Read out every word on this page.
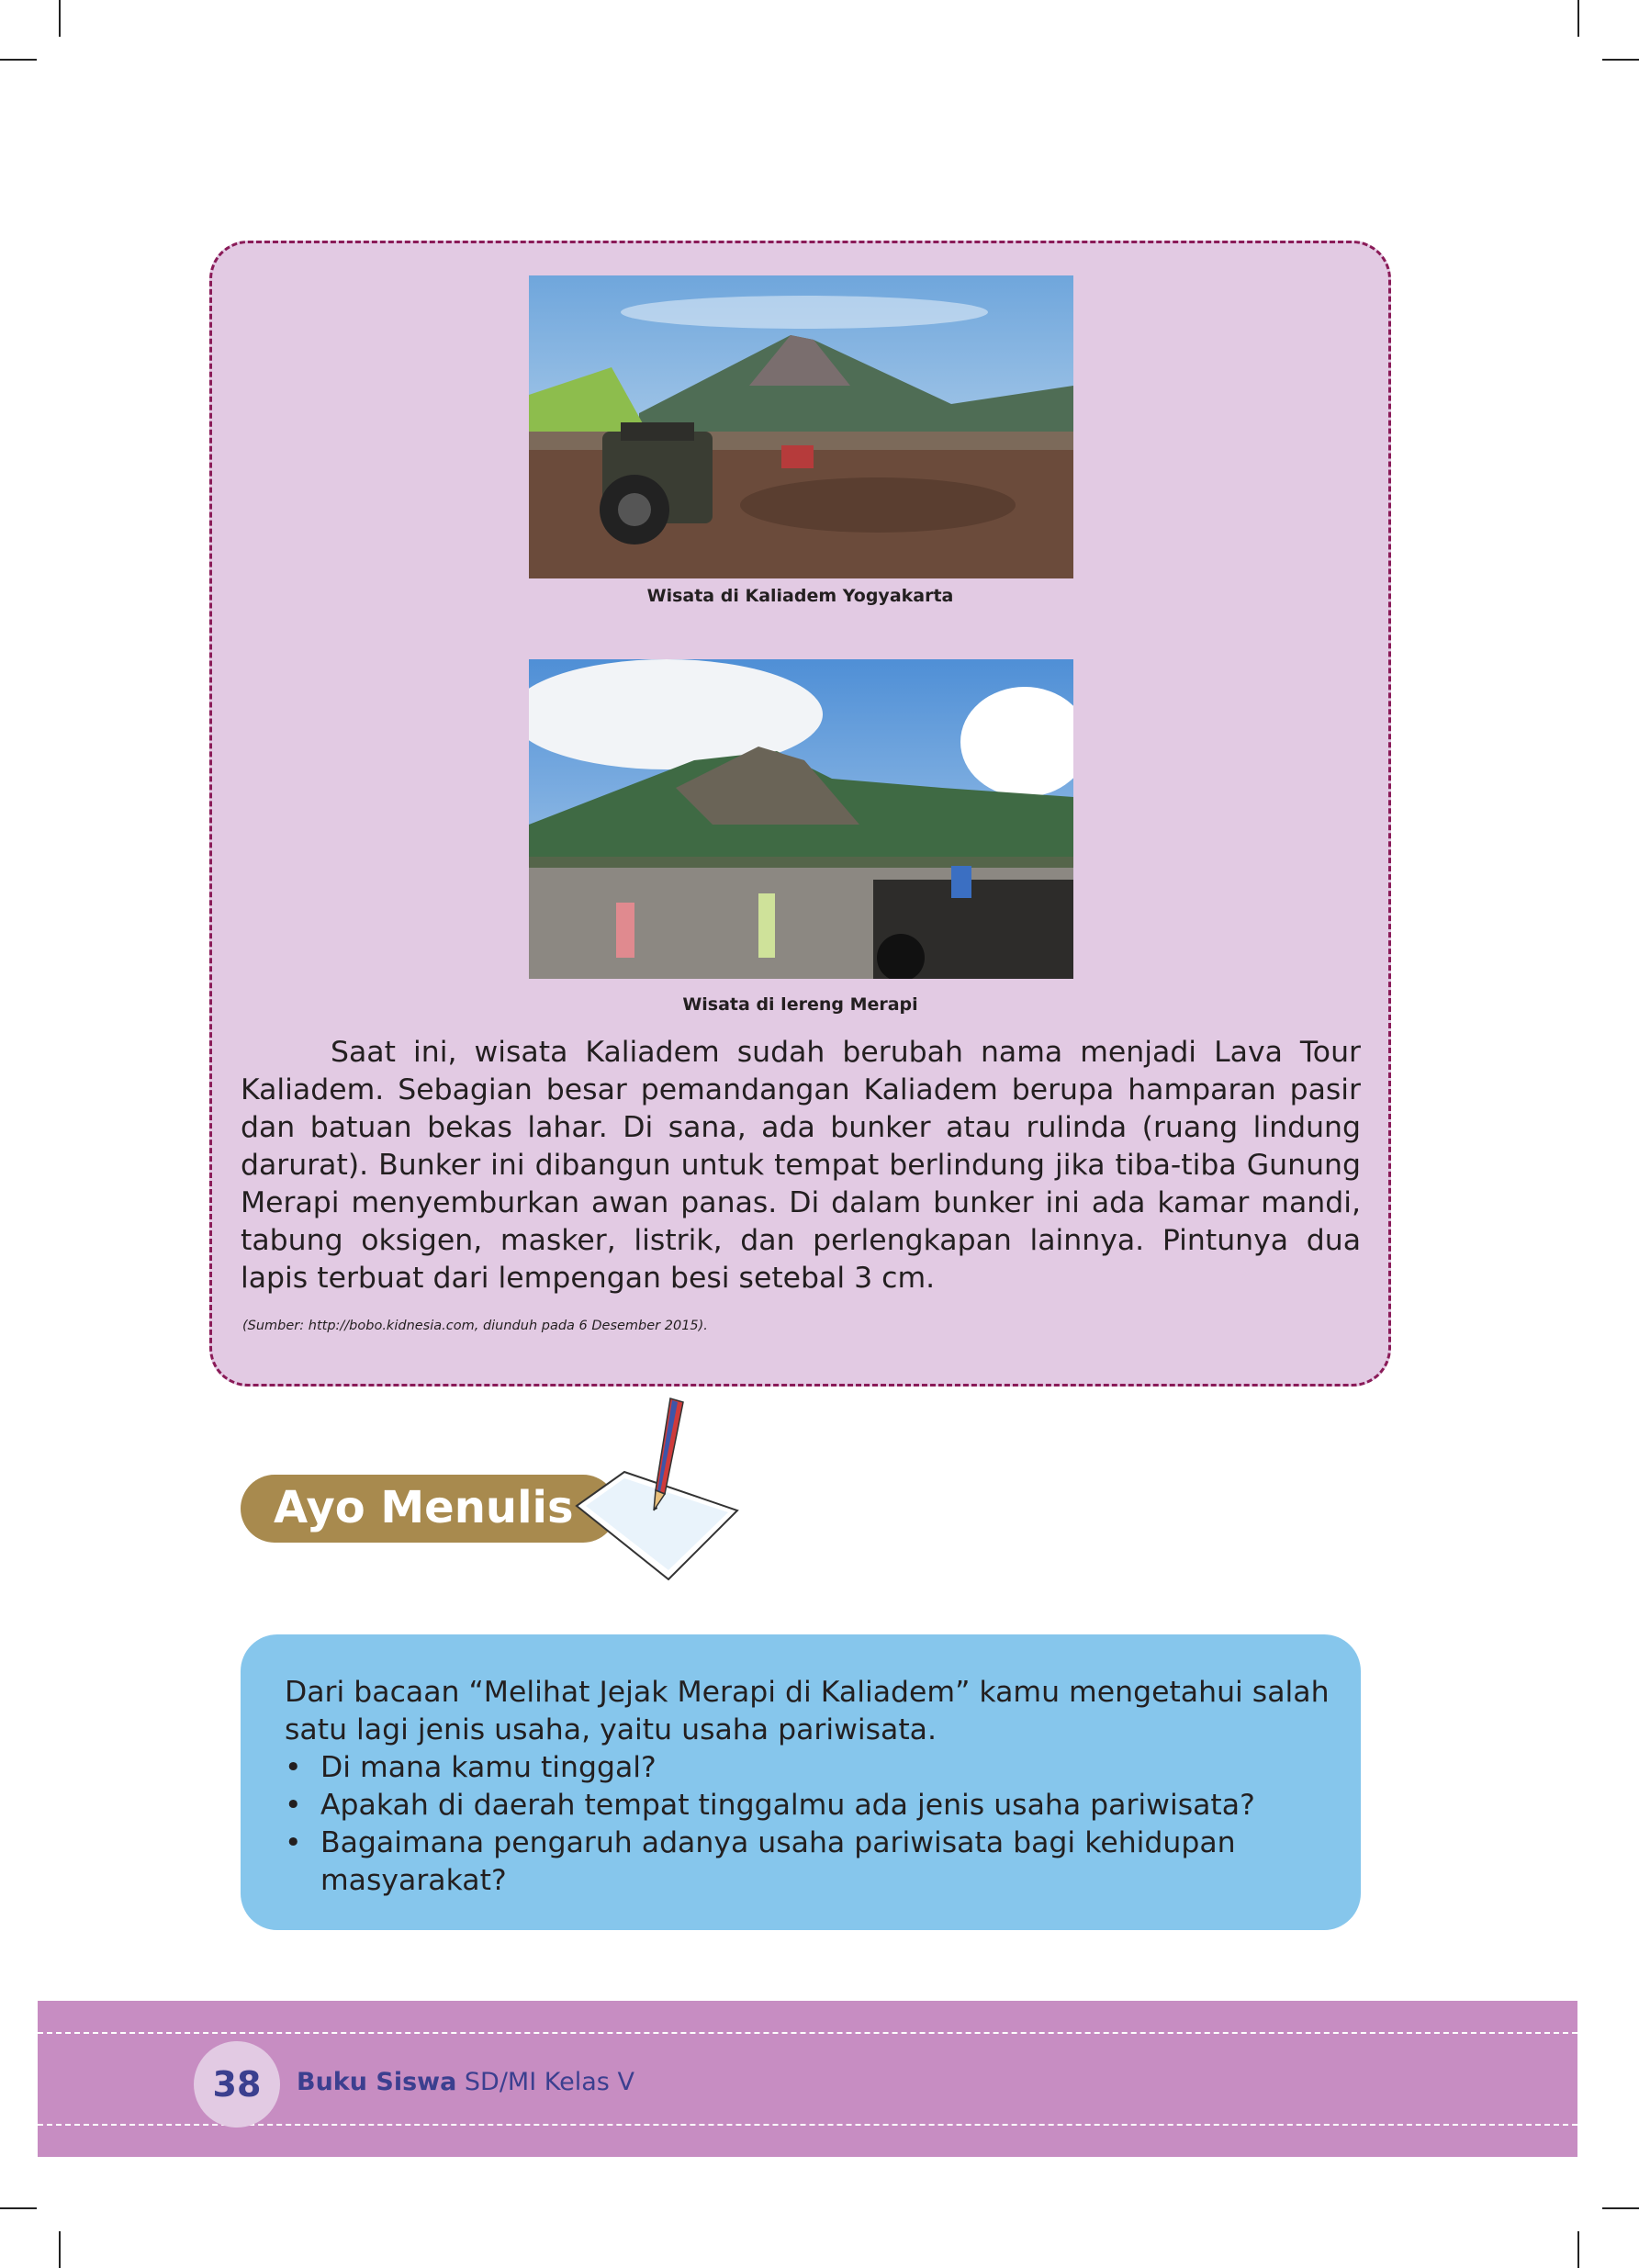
Wisata di Kaliadem Yogyakarta
Wisata di lereng Merapi

Saat ini, wisata Kaliadem sudah berubah nama menjadi Lava Tour Kaliadem. Sebagian besar pemandangan Kaliadem berupa hamparan pasir dan batuan bekas lahar. Di sana, ada bunker atau rulinda (ruang lindung darurat). Bunker ini dibangun untuk tempat berlindung jika tiba-tiba Gunung Merapi menyemburkan awan panas. Di dalam bunker ini ada kamar mandi, tabung oksigen, masker, listrik, dan perlengkapan lainnya. Pintunya dua lapis terbuat dari lempengan besi setebal 3 cm.

(Sumber: http://bobo.kidnesia.com, diunduh pada 6 Desember 2015).
Ayo Menulis

Dari bacaan “Melihat Jejak Merapi di Kaliadem” kamu mengetahui salah satu lagi jenis usaha, yaitu usaha pariwisata.

• Di mana kamu tinggal?
• Apakah di daerah tempat tinggalmu ada jenis usaha pariwisata?
• Bagaimana pengaruh adanya usaha pariwisata bagi kehidupan masyarakat?
38	Buku Siswa SD/MI Kelas V
